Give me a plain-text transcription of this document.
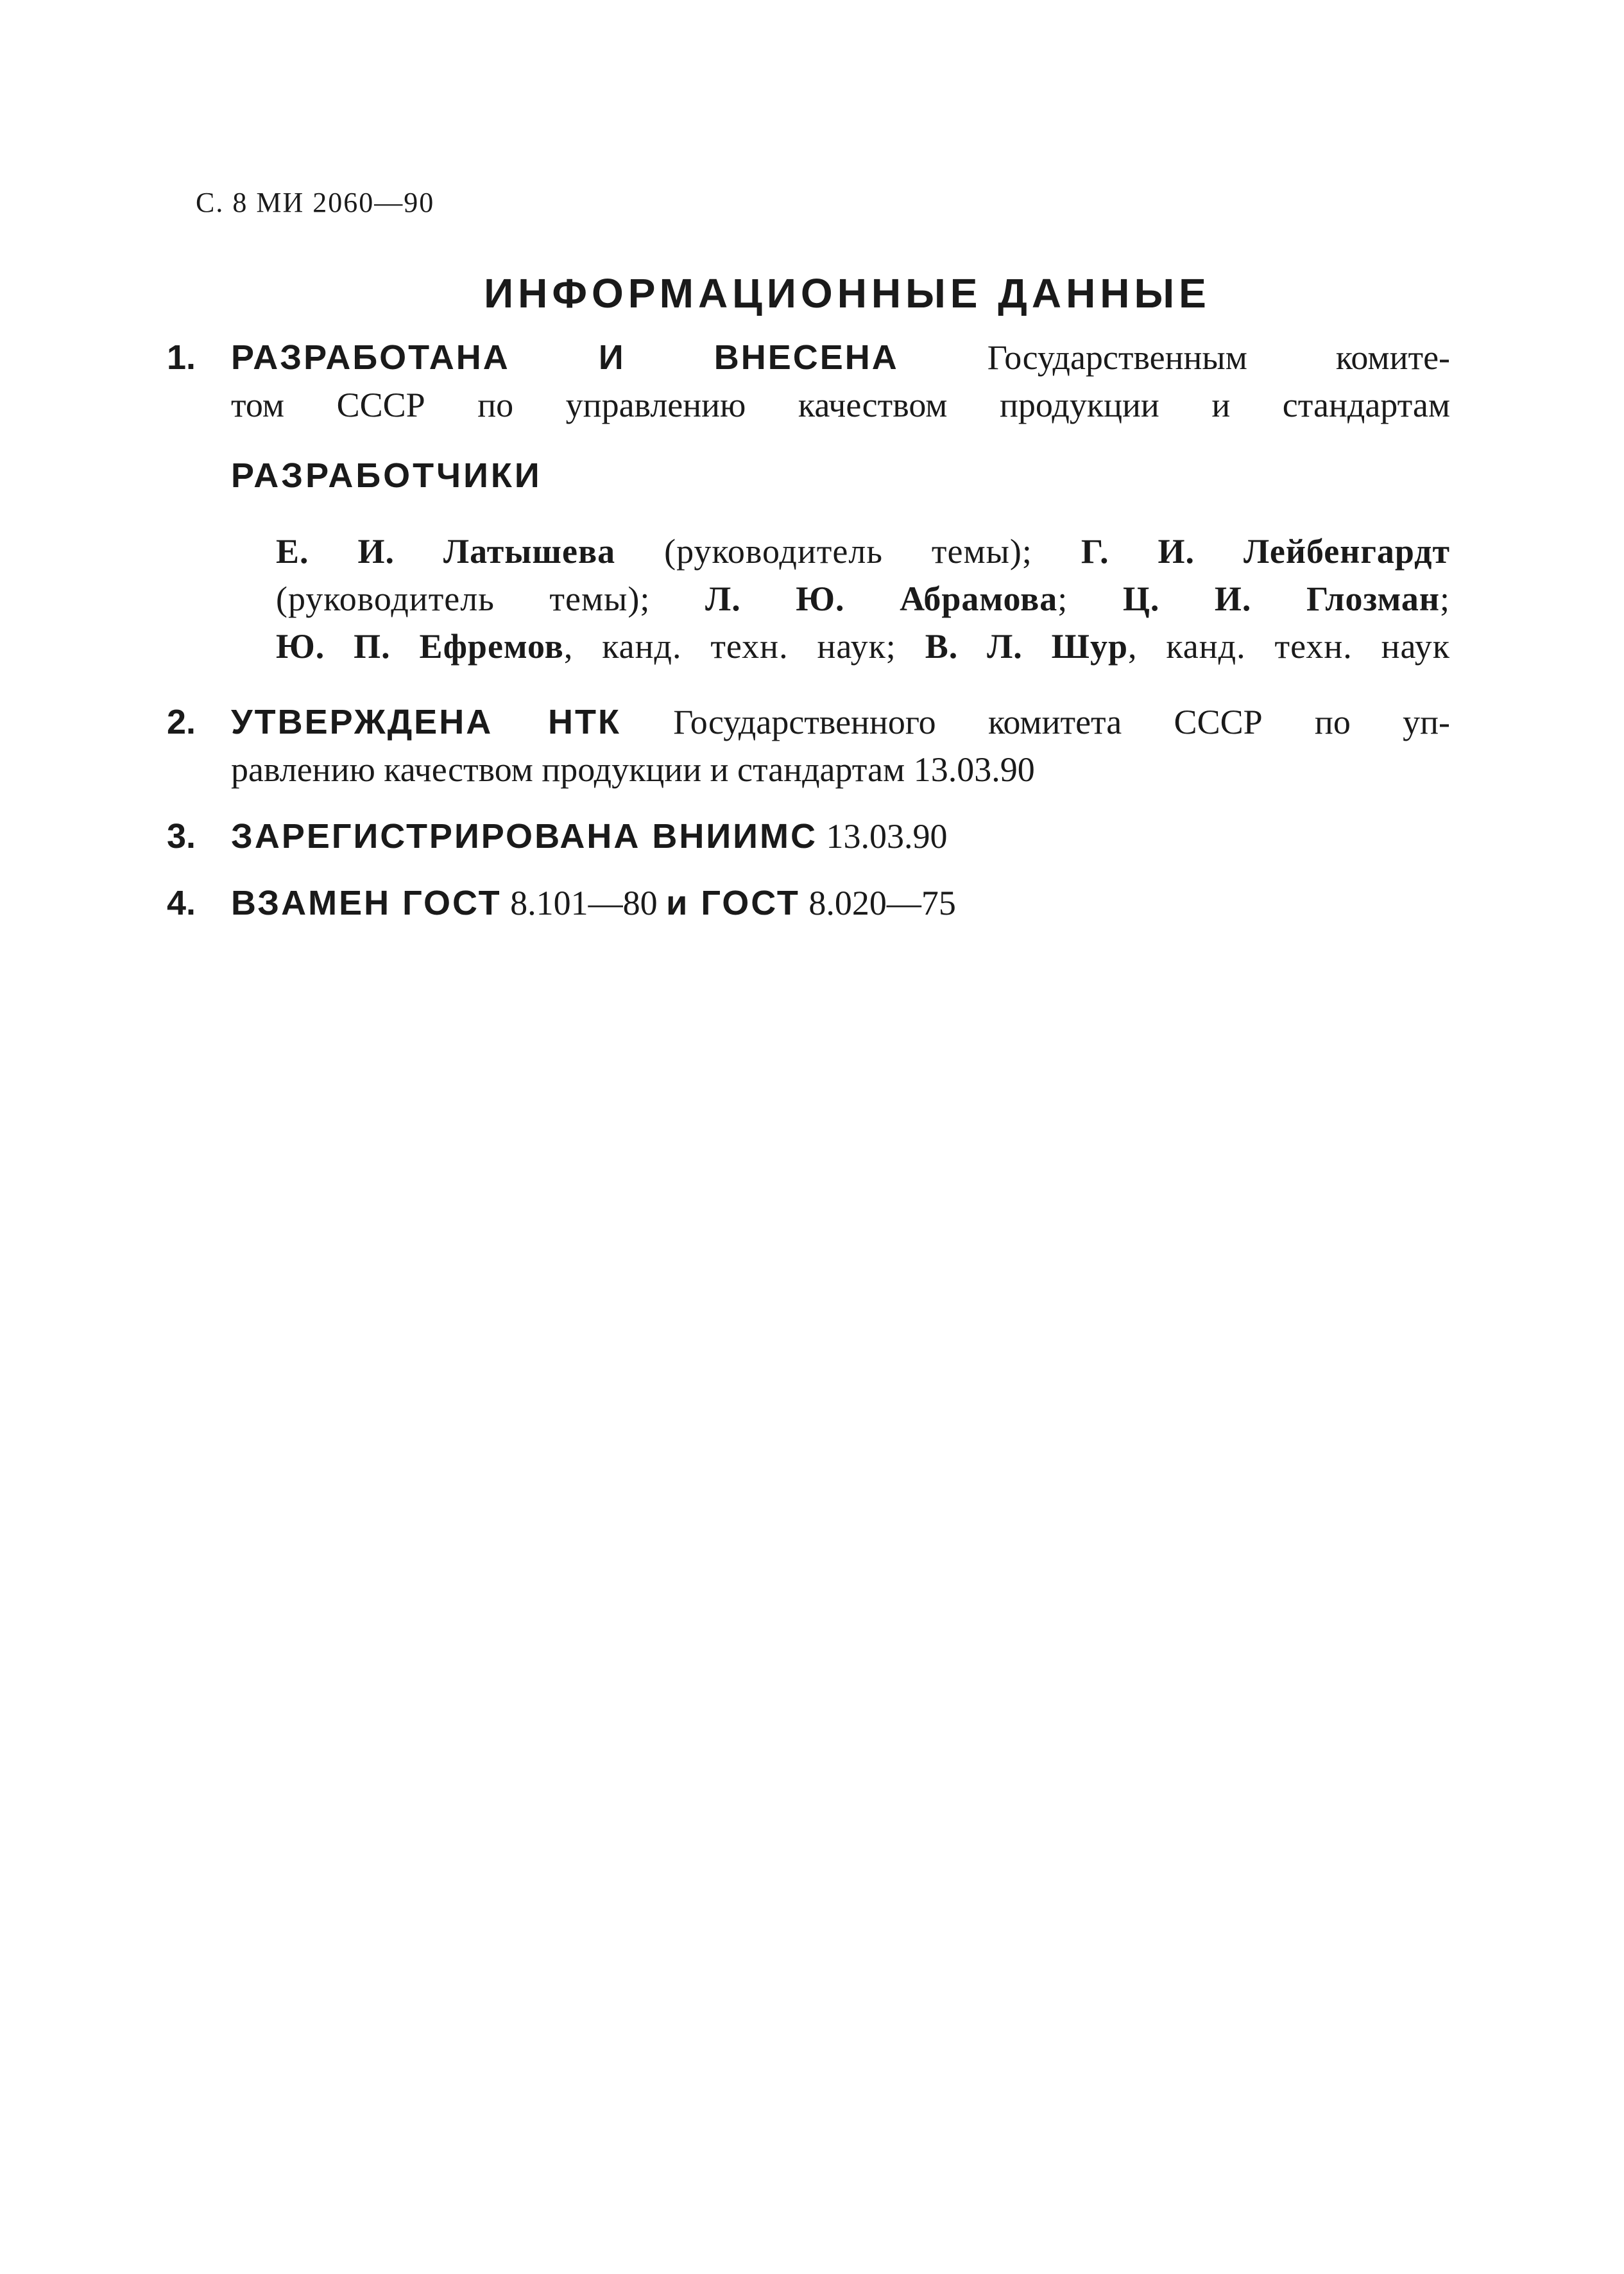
С. 8 МИ 2060—90
ИНФОРМАЦИОННЫЕ ДАННЫЕ
1. РАЗРАБОТАНА	И	ВНЕСЕНА	Государственным комите-
том СССР по управлению качеством продукции и стандартам
РАЗРАБОТЧИКИ
Е. И. Латышева (руководитель темы); Г. И. Лейбенгардт
(руководитель темы); Л. Ю. Абрамова; Ц. И. Глозман;
Ю. П. Ефремов, канд. техн. наук; В. Л. Шур, канд. техн. наук
2. УТВЕРЖДЕНА НТК Государственного комитета СССР по уп-
равлению качеством продукции и стандартам 13.03.90
3. ЗАРЕГИСТРИРОВАНА ВНИИМС 13.03.90
4. ВЗАМЕН ГОСТ 8.101—80 и ГОСТ 8.020—75
